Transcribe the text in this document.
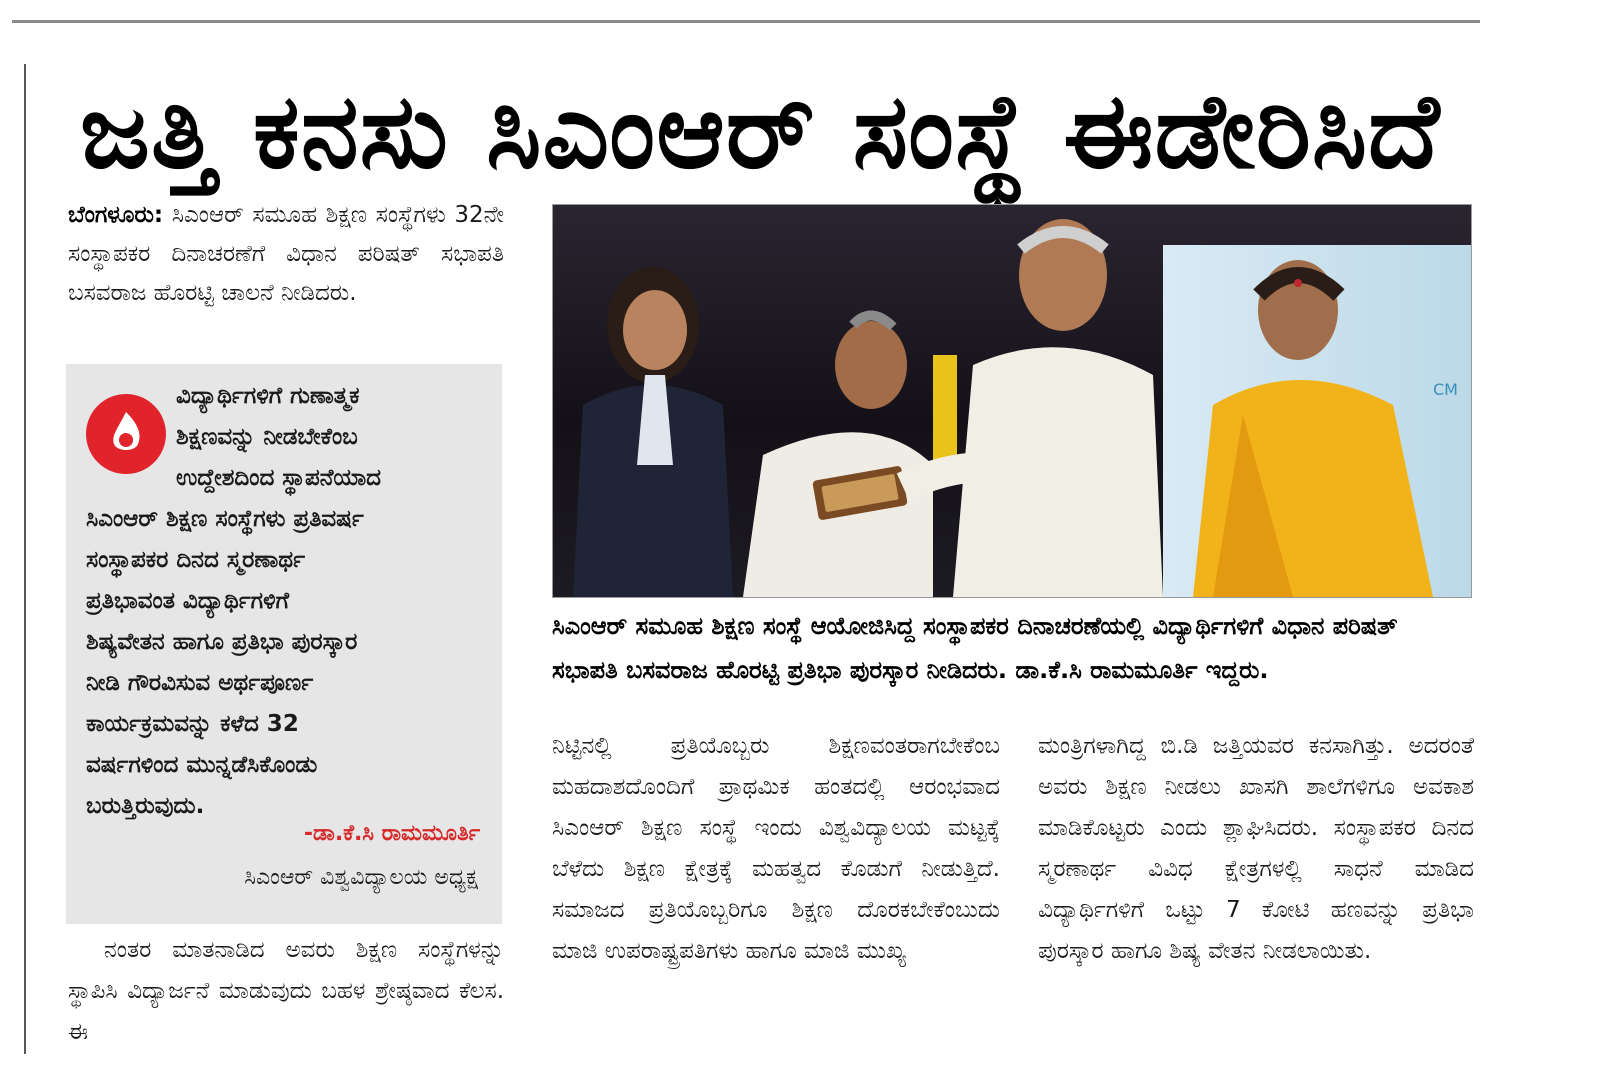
ಜತ್ತಿ ಕನಸು ಸಿಎಂಆರ್ ಸಂಸ್ಥೆ ಈಡೇರಿಸಿದೆ

ಬೆಂಗಳೂರು: ಸಿಎಂಆರ್ ಸಮೂಹ ಶಿಕ್ಷಣ ಸಂಸ್ಥೆಗಳು 32ನೇ ಸಂಸ್ಥಾಪಕರ ದಿನಾಚರಣೆಗೆ ವಿಧಾನ ಪರಿಷತ್ ಸಭಾಪತಿ ಬಸವರಾಜ ಹೊರಟ್ಟಿ ಚಾಲನೆ ನೀಡಿದರು.

ವಿದ್ಯಾರ್ಥಿಗಳಿಗೆ ಗುಣಾತ್ಮಕ
ಶಿಕ್ಷಣವನ್ನು ನೀಡಬೇಕೆಂಬ
ಉದ್ದೇಶದಿಂದ ಸ್ಥಾಪನೆಯಾದ
ಸಿಎಂಆರ್ ಶಿಕ್ಷಣ ಸಂಸ್ಥೆಗಳು ಪ್ರತಿವರ್ಷ
ಸಂಸ್ಥಾಪಕರ ದಿನದ ಸ್ಮರಣಾರ್ಥ
ಪ್ರತಿಭಾವಂತ ವಿದ್ಯಾರ್ಥಿಗಳಿಗೆ
ಶಿಷ್ಯವೇತನ ಹಾಗೂ ಪ್ರತಿಭಾ ಪುರಸ್ಕಾರ
ನೀಡಿ ಗೌರವಿಸುವ ಅರ್ಥಪೂರ್ಣ
ಕಾರ್ಯಕ್ರಮವನ್ನು ಕಳೆದ 32
ವರ್ಷಗಳಿಂದ ಮುನ್ನಡೆಸಿಕೊಂಡು
ಬರುತ್ತಿರುವುದು.
-ಡಾ.ಕೆ.ಸಿ ರಾಮಮೂರ್ತಿ
ಸಿಎಂಆರ್ ವಿಶ್ವವಿದ್ಯಾಲಯ ಅಧ್ಯಕ್ಷ

ನಂತರ ಮಾತನಾಡಿದ ಅವರು ಶಿಕ್ಷಣ ಸಂಸ್ಥೆಗಳನ್ನು ಸ್ಥಾಪಿಸಿ ವಿದ್ಯಾರ್ಜನೆ ಮಾಡುವುದು ಬಹಳ ಶ್ರೇಷ್ಠವಾದ ಕೆಲಸ. ಈ

CM

ಸಿಎಂಆರ್ ಸಮೂಹ ಶಿಕ್ಷಣ ಸಂಸ್ಥೆ ಆಯೋಜಿಸಿದ್ದ ಸಂಸ್ಥಾಪಕರ ದಿನಾಚರಣೆಯಲ್ಲಿ ವಿದ್ಯಾರ್ಥಿಗಳಿಗೆ ವಿಧಾನ ಪರಿಷತ್ ಸಭಾಪತಿ ಬಸವರಾಜ ಹೊರಟ್ಟಿ ಪ್ರತಿಭಾ ಪುರಸ್ಕಾರ ನೀಡಿದರು. ಡಾ.ಕೆ.ಸಿ ರಾಮಮೂರ್ತಿ ಇದ್ದರು.

ನಿಟ್ಟಿನಲ್ಲಿ ಪ್ರತಿಯೊಬ್ಬರು ಶಿಕ್ಷಣವಂತರಾಗಬೇಕೆಂಬ ಮಹದಾಶದೊಂದಿಗೆ ಪ್ರಾಥಮಿಕ ಹಂತದಲ್ಲಿ ಆರಂಭವಾದ ಸಿಎಂಆರ್ ಶಿಕ್ಷಣ ಸಂಸ್ಥೆ ಇಂದು ವಿಶ್ವವಿದ್ಯಾಲಯ ಮಟ್ಟಕ್ಕೆ ಬೆಳೆದು ಶಿಕ್ಷಣ ಕ್ಷೇತ್ರಕ್ಕೆ ಮಹತ್ವದ ಕೊಡುಗೆ ನೀಡುತ್ತಿದೆ. ಸಮಾಜದ ಪ್ರತಿಯೊಬ್ಬರಿಗೂ ಶಿಕ್ಷಣ ದೊರಕಬೇಕೆಂಬುದು ಮಾಜಿ ಉಪರಾಷ್ಟ್ರಪತಿಗಳು ಹಾಗೂ ಮಾಜಿ ಮುಖ್ಯ

ಮಂತ್ರಿಗಳಾಗಿದ್ದ ಬಿ.ಡಿ ಜತ್ತಿಯವರ ಕನಸಾಗಿತ್ತು. ಅದರಂತೆ ಅವರು ಶಿಕ್ಷಣ ನೀಡಲು ಖಾಸಗಿ ಶಾಲೆಗಳಿಗೂ ಅವಕಾಶ ಮಾಡಿಕೊಟ್ಟರು ಎಂದು ಶ್ಲಾಘಿಸಿದರು. ಸಂಸ್ಥಾಪಕರ ದಿನದ ಸ್ಮರಣಾರ್ಥ ವಿವಿಧ ಕ್ಷೇತ್ರಗಳಲ್ಲಿ ಸಾಧನೆ ಮಾಡಿದ ವಿದ್ಯಾರ್ಥಿಗಳಿಗೆ ಒಟ್ಟು 7 ಕೋಟಿ ಹಣವನ್ನು ಪ್ರತಿಭಾ ಪುರಸ್ಕಾರ ಹಾಗೂ ಶಿಷ್ಯ ವೇತನ ನೀಡಲಾಯಿತು.
